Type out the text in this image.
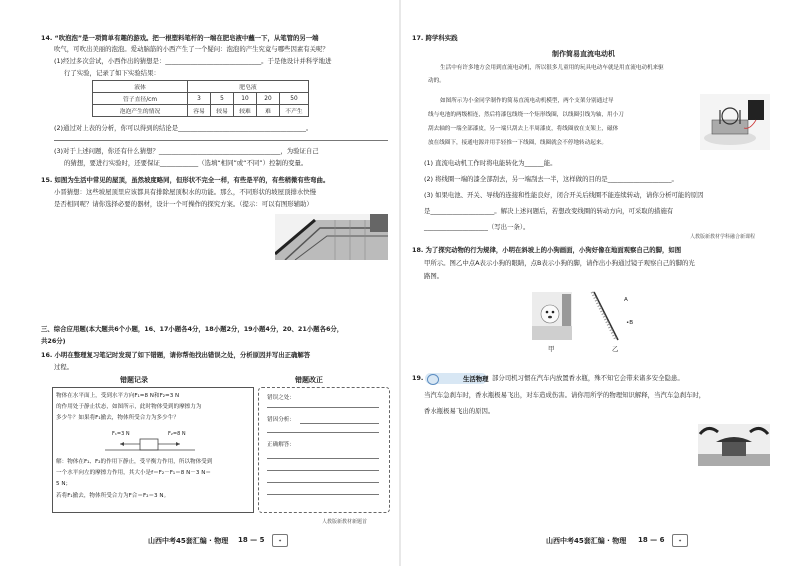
14. “吹泡泡”是一项简单有趣的游戏。把一根塑料笔杆的一端在肥皂液中蘸一下，从笔管的另一端
吹气，可吹出美丽的泡泡。爱动脑筋的小西产生了一个疑问：泡泡的产生究竟与哪些因素有关呢？
(1)经过多次尝试，小西作出的猜想是：______________________________。于是他设计并科学地进
行了实验，记录了如下实验结果：
液体	肥皂液				
管子直径/cm	3	5	10	20	50
泡泡产生的情况	容易	较易	较难	难	不产生
(2)通过对上表的分析，你可以得到的结论是________________________________________。
(3)对于上述问题，你还有什么猜想？______________________________________，为验证自己
的猜想，要进行实验时，还要保证____________（选填“相同”或“不同”）控制的变量。
15. 如图为生活中常见的屋顶，虽然坡度略同，但形状不完全一样，有些是平的，有些稍微有些弯曲。
小晋猜想：这些坡屋顶里应该都具有排除屋顶积水的功能。那么，不同形状的坡屋顶排水快慢
是否相同呢？请你选择必要的器材，设计一个可操作的探究方案。（提示：可以有图形辅助）
三、综合应用题(本大题共6个小题，16、17小题各4分，18小题2分，19小题4分，20、21小题各6分，
共26分)
16. 小明在整理复习笔记时发现了如下错题，请你帮他找出错误之处，分析原因并写出正确解答
过程。
错题记录
物体在水平面上，受到水平方向F₁=8 N和F₂=3 N
的作用处于静止状态，如图所示，此时物体受到的摩擦力为
多少牛？如果将F₁撤去，物体所受合力为多少牛？
F₁=3 N	F₂=8 N
解：物体在F₁、F₂的作用下静止，受平衡力作用，所以物体受到
一个水平向左的摩擦力作用，其大小是f＝F₂－F₁＝8 N－3 N＝
5 N；
若将F₁撤去，物体所受合力为F合＝F₂＝3 N。
错题改正
错误之处：
错因分析：
正确解答：
人教版新教材新题首
山西中考45套汇编 · 物理 18 — 5	✦
17. 跨学科实践
制作简易直流电动机
生活中有许多地方会用到直流电动机，所以很多儿童用的玩具电动车就是用直流电动机来驱
动的。
如图所示为小金同学制作的简易直流电动机模型，两个支架分别通过导
线与电池的两级相连，然后将漆包线绕一个矩形线圈，以线圈引线为轴，用小刀
刮去轴的一端全部漆皮，另一端只刮去上半周漆皮，将线圈放在支架上，磁体
放在线圈下，接通电源并用手轻推一下线圈，线圈就会不停地转动起来。
(1) 直流电动机工作时将电能转化为______能。
(2) 将线圈一端的漆全部刮去，另一端刮去一半，这样做的目的是____________________。
(3) 如果电池、开关、导线的连接和性能良好，闭合开关后线圈不能连续转动，请你分析可能的原因
是____________________。解决上述问题后，若想改变线圈的转动方向，可采取的措施有
____________________（写出一条）。
人教版新教材学科融合新课程
18. 为了探究动物的行为规律，小明在斜坡上的小狗画面，小狗好像在地面观察自己的脚，如图
甲所示。图乙中点A表示小狗的眼睛，点B表示小狗的脚，请作出小狗通过镜子观察自己的脚的光
路图。
甲
A
•B
乙
19.	生活物理 部分司机习惯在汽车内放置香水瓶，殊不知它会带来诸多安全隐患。
当汽车急刹车时，香水瓶极易飞出，对车造成伤害。请你用所学的物理知识解释，当汽车急刹车时，
香水瓶极易飞出的原因。
山西中考45套汇编 · 物理 18 — 6	✦
